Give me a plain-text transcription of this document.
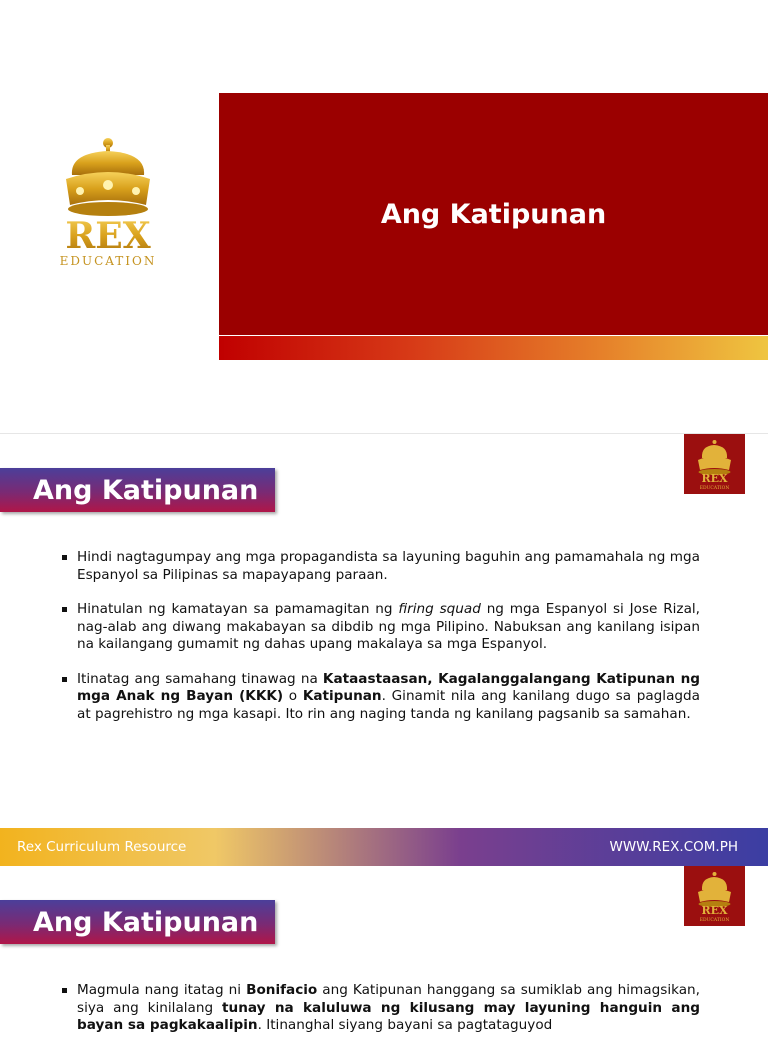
REX
EDUCATION
Ang Katipunan
Ang Katipunan	REX
EDUCATION
Hindi nagtagumpay ang mga propagandista sa layuning baguhin ang pamamahala ng mga Espanyol sa Pilipinas sa mapayapang paraan.
Hinatulan ng kamatayan sa pamamagitan ng firing squad ng mga Espanyol si Jose Rizal, nag-alab ang diwang makabayan sa dibdib ng mga Pilipino. Nabuksan ang kanilang isipan na kailangang gumamit ng dahas upang makalaya sa mga Espanyol.
Itinatag ang samahang tinawag na Kataastaasan, Kagalanggalangang Katipunan ng mga Anak ng Bayan (KKK) o Katipunan. Ginamit nila ang kanilang dugo sa paglagda at pagrehistro ng mga kasapi. Ito rin ang naging tanda ng kanilang pagsanib sa samahan.
Rex Curriculum Resource	WWW.REX.COM.PH
Ang Katipunan	REX
EDUCATION
Magmula nang itatag ni Bonifacio ang Katipunan hanggang sa sumiklab ang himagsikan, siya ang kinilalang tunay na kaluluwa ng kilusang may layuning hanguin ang bayan sa pagkakaalipin. Itinanghal siyang bayani sa pagtataguyod
